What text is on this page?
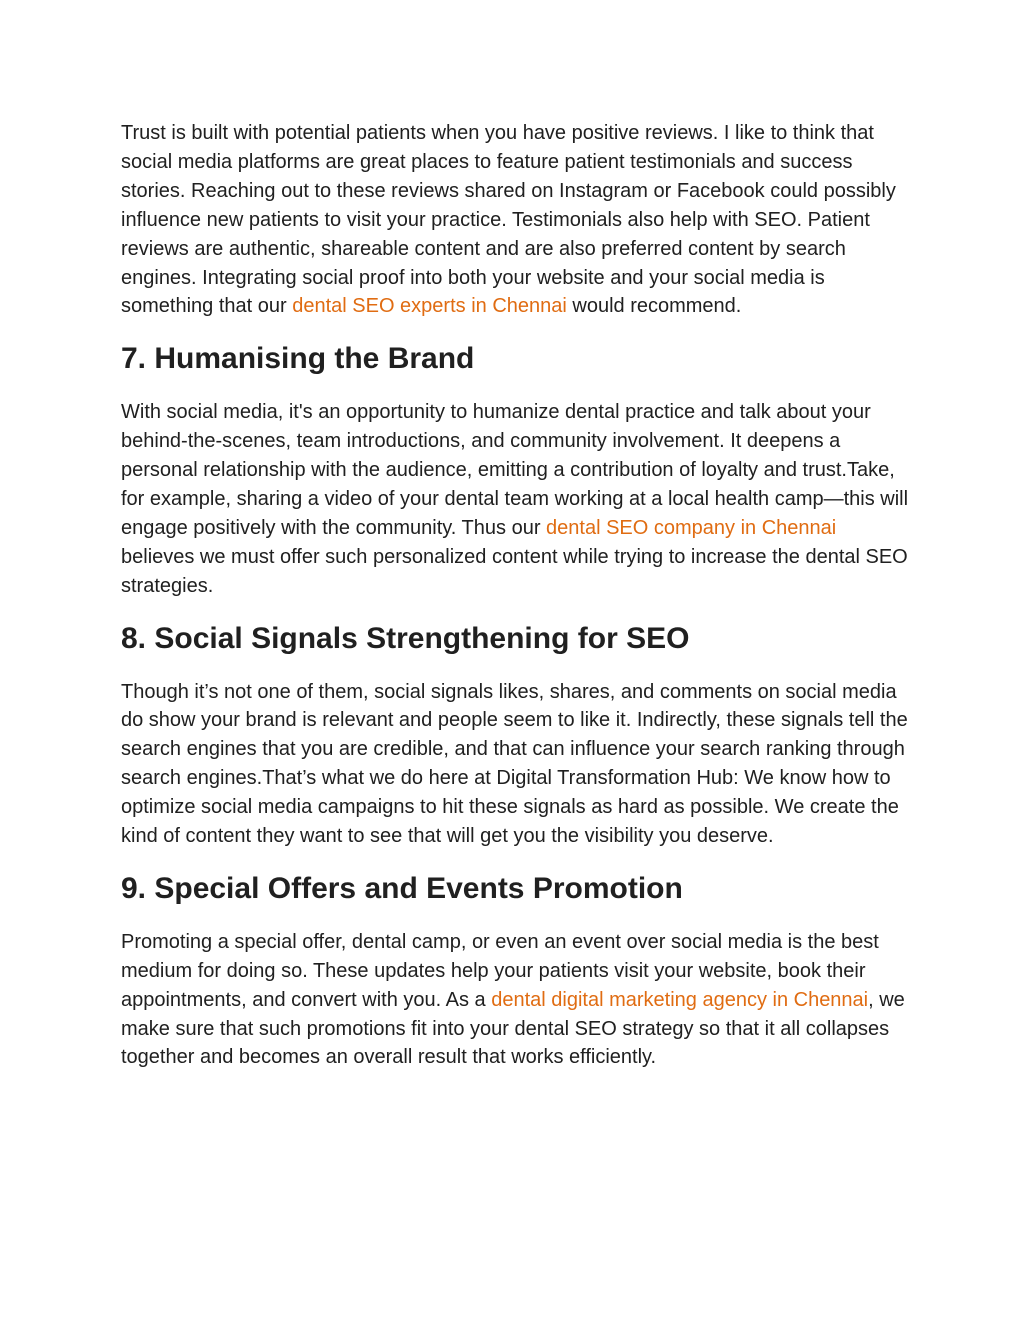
Trust is built with potential patients when you have positive reviews. I like to think that social media platforms are great places to feature patient testimonials and success stories. Reaching out to these reviews shared on Instagram or Facebook could possibly influence new patients to visit your practice. Testimonials also help with SEO. Patient reviews are authentic, shareable content and are also preferred content by search engines. Integrating social proof into both your website and your social media is something that our dental SEO experts in Chennai would recommend.

7. Humanising the Brand

With social media, it's an opportunity to humanize dental practice and talk about your behind-the-scenes, team introductions, and community involvement. It deepens a personal relationship with the audience, emitting a contribution of loyalty and trust.Take, for example, sharing a video of your dental team working at a local health camp—this will engage positively with the community. Thus our dental SEO company in Chennai believes we must offer such personalized content while trying to increase the dental SEO strategies.

8. Social Signals Strengthening for SEO

Though it’s not one of them, social signals likes, shares, and comments on social media do show your brand is relevant and people seem to like it. Indirectly, these signals tell the search engines that you are credible, and that can influence your search ranking through search engines.That’s what we do here at Digital Transformation Hub: We know how to optimize social media campaigns to hit these signals as hard as possible. We create the kind of content they want to see that will get you the visibility you deserve.

9. Special Offers and Events Promotion

Promoting a special offer, dental camp, or even an event over social media is the best medium for doing so. These updates help your patients visit your website, book their appointments, and convert with you. As a dental digital marketing agency in Chennai, we make sure that such promotions fit into your dental SEO strategy so that it all collapses together and becomes an overall result that works efficiently.
